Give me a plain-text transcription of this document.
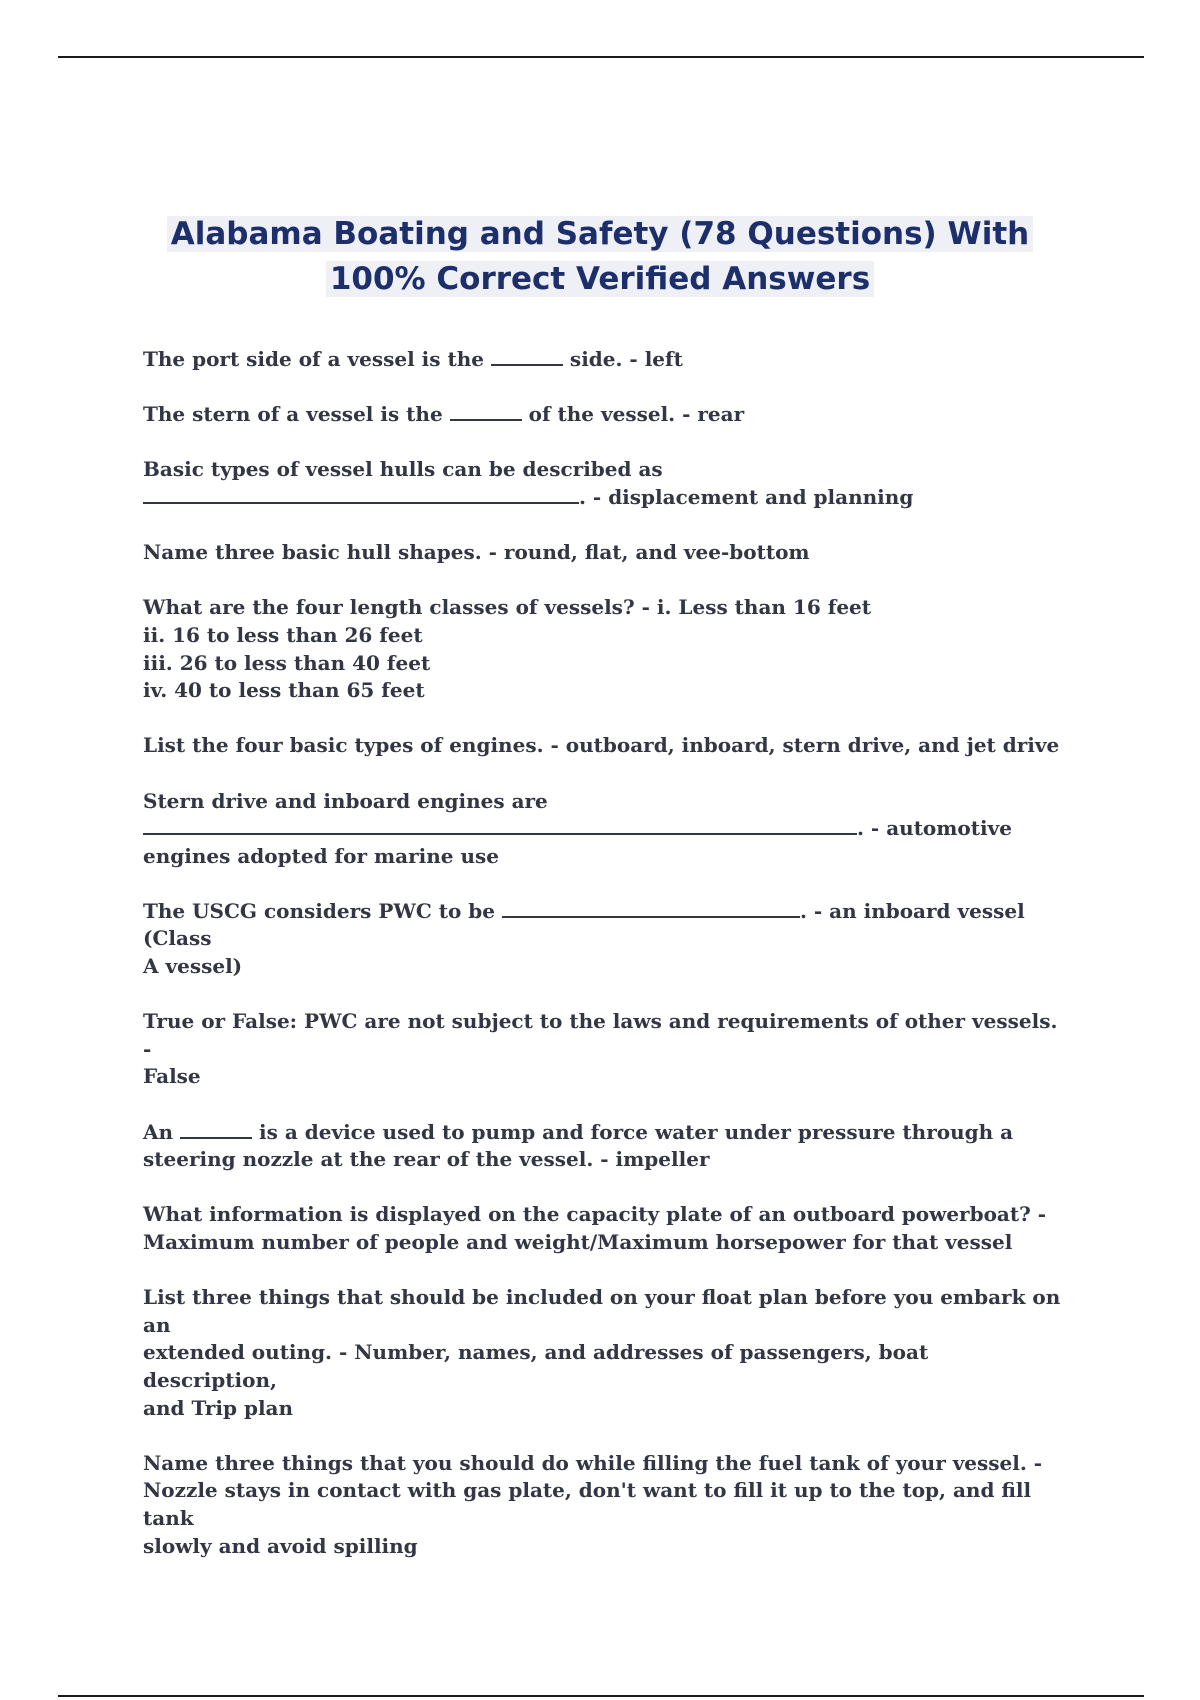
Alabama Boating and Safety (78 Questions) With
100% Correct Verified Answers
The port side of a vessel is the	side. - left
The stern of a vessel is the	of the vessel. - rear
Basic types of vessel hulls can be described as
. - displacement and planning
Name three basic hull shapes. - round, flat, and vee-bottom
What are the four length classes of vessels? - i. Less than 16 feet
ii. 16 to less than 26 feet
iii. 26 to less than 40 feet
iv. 40 to less than 65 feet
List the four basic types of engines. - outboard, inboard, stern drive, and jet drive
Stern drive and inboard engines are
. - automotive
engines adopted for marine use
The USCG considers PWC to be	. - an inboard vessel (Class
A vessel)
True or False: PWC are not subject to the laws and requirements of other vessels. -
False
An	is a device used to pump and force water under pressure through a
steering nozzle at the rear of the vessel. - impeller
What information is displayed on the capacity plate of an outboard powerboat? -
Maximum number of people and weight/Maximum horsepower for that vessel
List three things that should be included on your float plan before you embark on an
extended outing. - Number, names, and addresses of passengers, boat description,
and Trip plan
Name three things that you should do while filling the fuel tank of your vessel. -
Nozzle stays in contact with gas plate, don't want to fill it up to the top, and fill tank
slowly and avoid spilling
